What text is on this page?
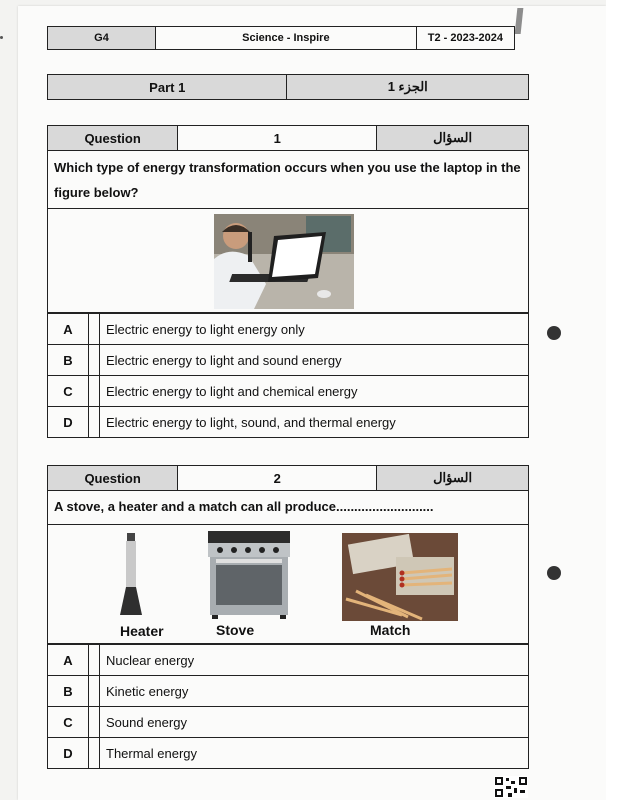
G4	Science - Inspire	T2 - 2023-2024
Part 1	الجزء 1
Question	1	السؤال
Which type of energy transformation occurs when you use the laptop in the figure below?
A		Electric energy to light energy only
B		Electric energy to light and sound energy
C		Electric energy to light and chemical energy
D		Electric energy to light, sound, and thermal energy
Question	2	السؤال
A stove, a heater and a match can all produce...........................
Heater	Stove	Match
A		Nuclear energy
B		Kinetic energy
C		Sound energy
D		Thermal energy
